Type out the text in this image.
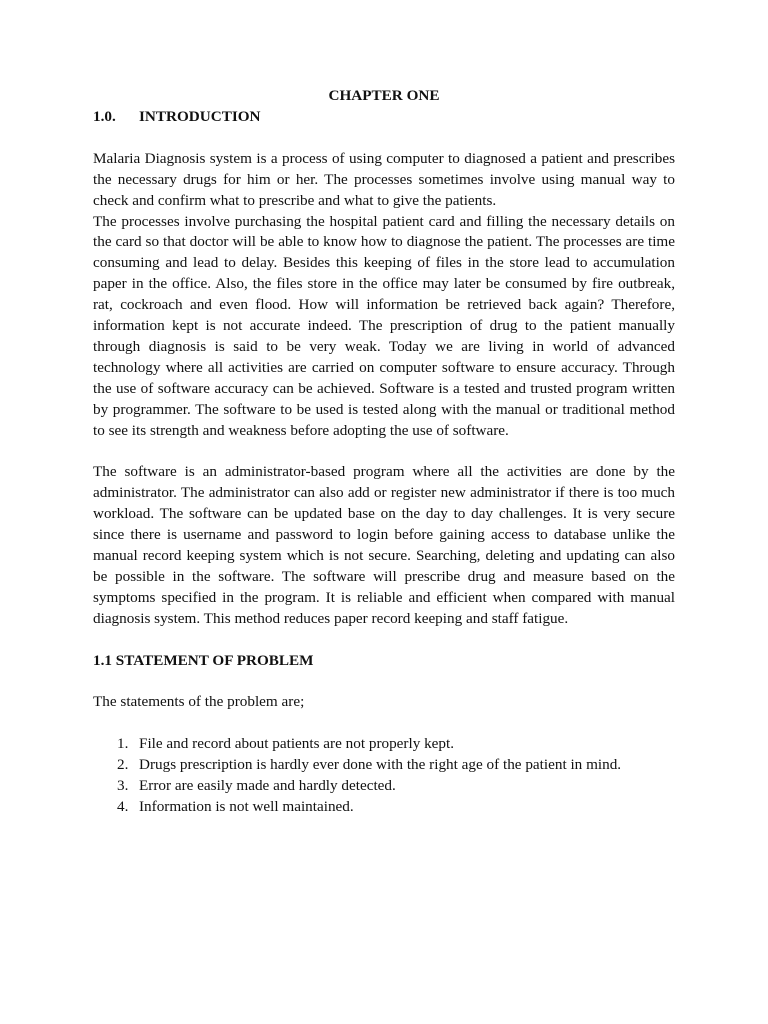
CHAPTER ONE

1.0. INTRODUCTION

Malaria Diagnosis system is a process of using computer to diagnosed a patient and prescribes the necessary drugs for him or her. The processes sometimes involve using manual way to check and confirm what to prescribe and what to give the patients.

The processes involve purchasing the hospital patient card and filling the necessary details on the card so that doctor will be able to know how to diagnose the patient. The processes are time consuming and lead to delay. Besides this keeping of files in the store lead to accumulation paper in the office. Also, the files store in the office may later be consumed by fire outbreak, rat, cockroach and even flood. How will information be retrieved back again? Therefore, information kept is not accurate indeed. The prescription of drug to the patient manually through diagnosis is said to be very weak. Today we are living in world of advanced technology where all activities are carried on computer software to ensure accuracy. Through the use of software accuracy can be achieved. Software is a tested and trusted program written by programmer. The software to be used is tested along with the manual or traditional method to see its strength and weakness before adopting the use of software.

The software is an administrator-based program where all the activities are done by the administrator. The administrator can also add or register new administrator if there is too much workload. The software can be updated base on the day to day challenges. It is very secure since there is username and password to login before gaining access to database unlike the manual record keeping system which is not secure. Searching, deleting and updating can also be possible in the software. The software will prescribe drug and measure based on the symptoms specified in the program. It is reliable and efficient when compared with manual diagnosis system. This method reduces paper record keeping and staff fatigue.

1.1 STATEMENT OF PROBLEM

The statements of the problem are;

1. File and record about patients are not properly kept.
2. Drugs prescription is hardly ever done with the right age of the patient in mind.
3. Error are easily made and hardly detected.
4. Information is not well maintained.
